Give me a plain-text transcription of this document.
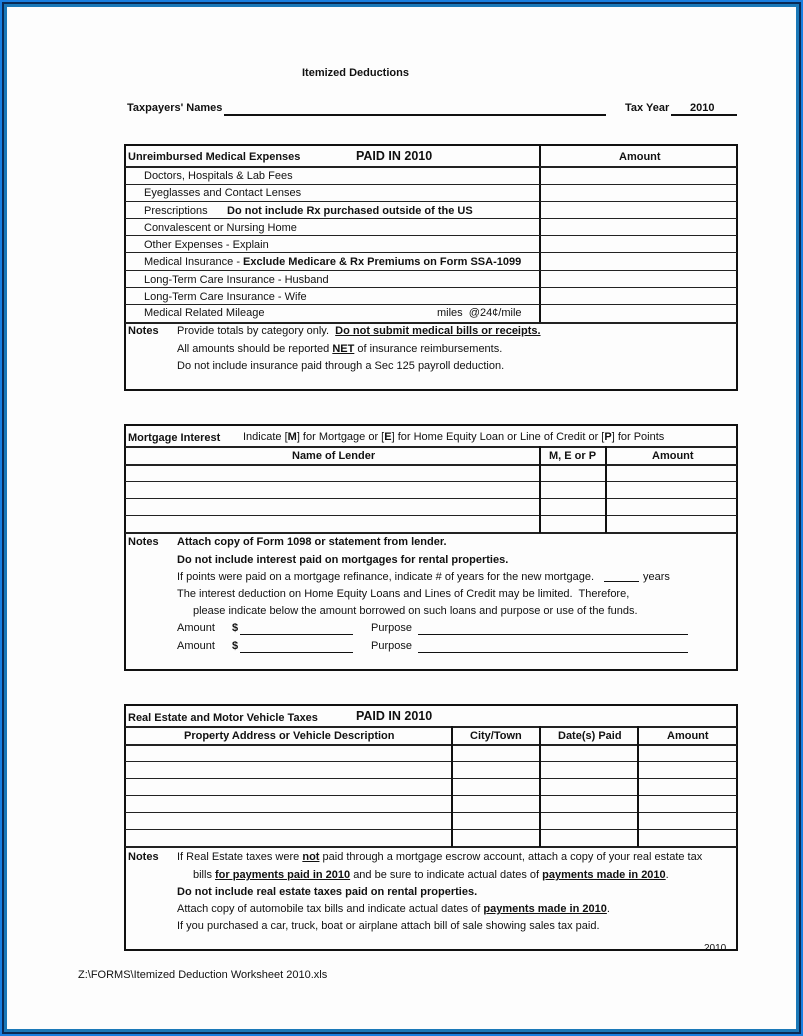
Itemized Deductions
Taxpayers' Names	Tax Year 2010
Unreimbursed Medical Expenses	PAID IN 2010	Amount
Doctors, Hospitals & Lab Fees
Eyeglasses and Contact Lenses
Prescriptions Do not include Rx purchased outside of the US
Convalescent or Nursing Home
Other Expenses - Explain
Medical Insurance - Exclude Medicare & Rx Premiums on Form SSA-1099
Long-Term Care Insurance - Husband
Long-Term Care Insurance - Wife
Medical Related Mileage	miles  @24¢/mile
Notes Provide totals by category only. Do not submit medical bills or receipts.
All amounts should be reported NET of insurance reimbursements.
Do not include insurance paid through a Sec 125 payroll deduction.
Mortgage Interest Indicate [M] for Mortgage or [E] for Home Equity Loan or Line of Credit or [P] for Points
Name of Lender	M, E or P	Amount
Notes Attach copy of Form 1098 or statement from lender.
Do not include interest paid on mortgages for rental properties.
If points were paid on a mortgage refinance, indicate # of years for the new mortgage.	years
The interest deduction on Home Equity Loans and Lines of Credit may be limited.  Therefore,
please indicate below the amount borrowed on such loans and purpose or use of the funds.
Amount $	Purpose
Amount $	Purpose
Real Estate and Motor Vehicle Taxes	PAID IN 2010
Property Address or Vehicle Description	City/Town	Date(s) Paid	Amount
Notes If Real Estate taxes were not paid through a mortgage escrow account, attach a copy of your real estate tax
bills for payments paid in 2010 and be sure to indicate actual dates of payments made in 2010.
Do not include real estate taxes paid on rental properties.
Attach copy of automobile tax bills and indicate actual dates of payments made in 2010.
If you purchased a car, truck, boat or airplane attach bill of sale showing sales tax paid.
2010
Z:\FORMS\Itemized Deduction Worksheet 2010.xls
